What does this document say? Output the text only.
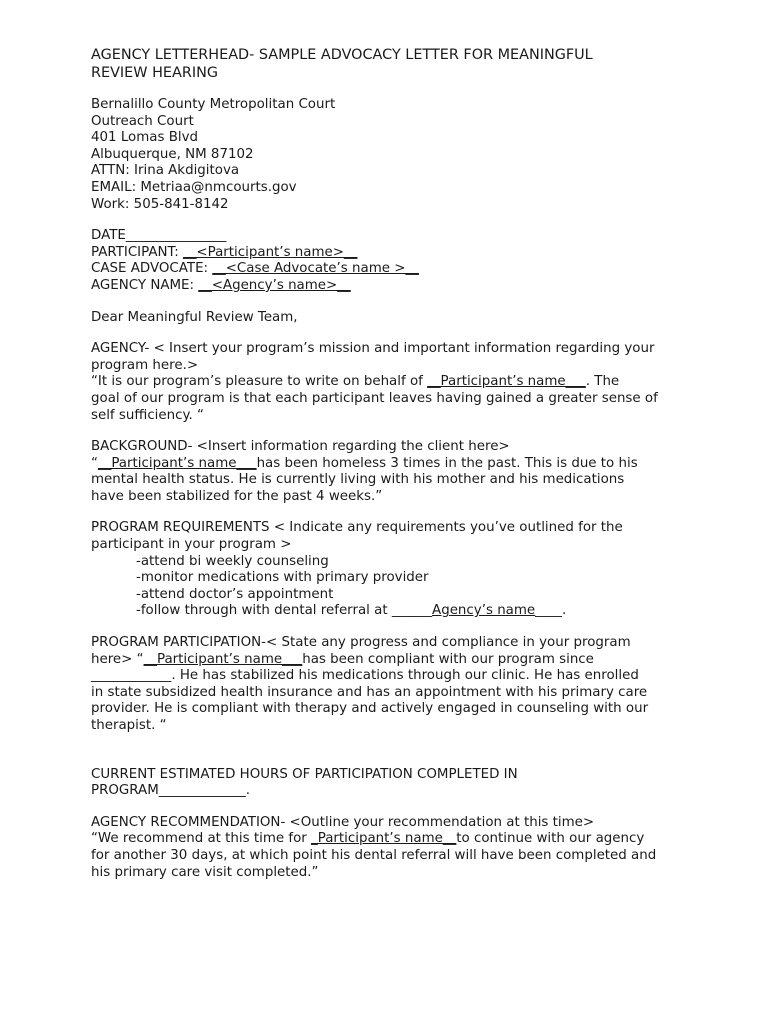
AGENCY LETTERHEAD- SAMPLE ADVOCACY LETTER FOR MEANINGFUL
REVIEW HEARING
Bernalillo County Metropolitan Court
Outreach Court
401 Lomas Blvd
Albuquerque, NM 87102
ATTN: Irina Akdigitova
EMAIL: Metriaa@nmcourts.gov
Work: 505-841-8142
DATE_______________
PARTICIPANT: __<Participant’s name>__
CASE ADVOCATE: __<Case Advocate’s name >__
AGENCY NAME: __<Agency’s name>__
Dear Meaningful Review Team,
AGENCY- < Insert your program’s mission and important information regarding your
program here.>
“It is our program’s pleasure to write on behalf of __Participant’s name___. The
goal of our program is that each participant leaves having gained a greater sense of
self sufficiency. “
BACKGROUND- <Insert information regarding the client here>
“__Participant’s name___has been homeless 3 times in the past. This is due to his
mental health status. He is currently living with his mother and his medications
have been stabilized for the past 4 weeks.”
PROGRAM REQUIREMENTS < Indicate any requirements you’ve outlined for the
participant in your program >
-attend bi weekly counseling
-monitor medications with primary provider
-attend doctor’s appointment
-follow through with dental referral at ______Agency’s name____.
PROGRAM PARTICIPATION-< State any progress and compliance in your program
here> “__Participant’s name___has been compliant with our program since
____________. He has stabilized his medications through our clinic. He has enrolled
in state subsidized health insurance and has an appointment with his primary care
provider. He is compliant with therapy and actively engaged in counseling with our
therapist. “
CURRENT ESTIMATED HOURS OF PARTICIPATION COMPLETED IN
PROGRAM_____________.
AGENCY RECOMMENDATION- <Outline your recommendation at this time>
“We recommend at this time for _Participant’s name__to continue with our agency
for another 30 days, at which point his dental referral will have been completed and
his primary care visit completed.”
